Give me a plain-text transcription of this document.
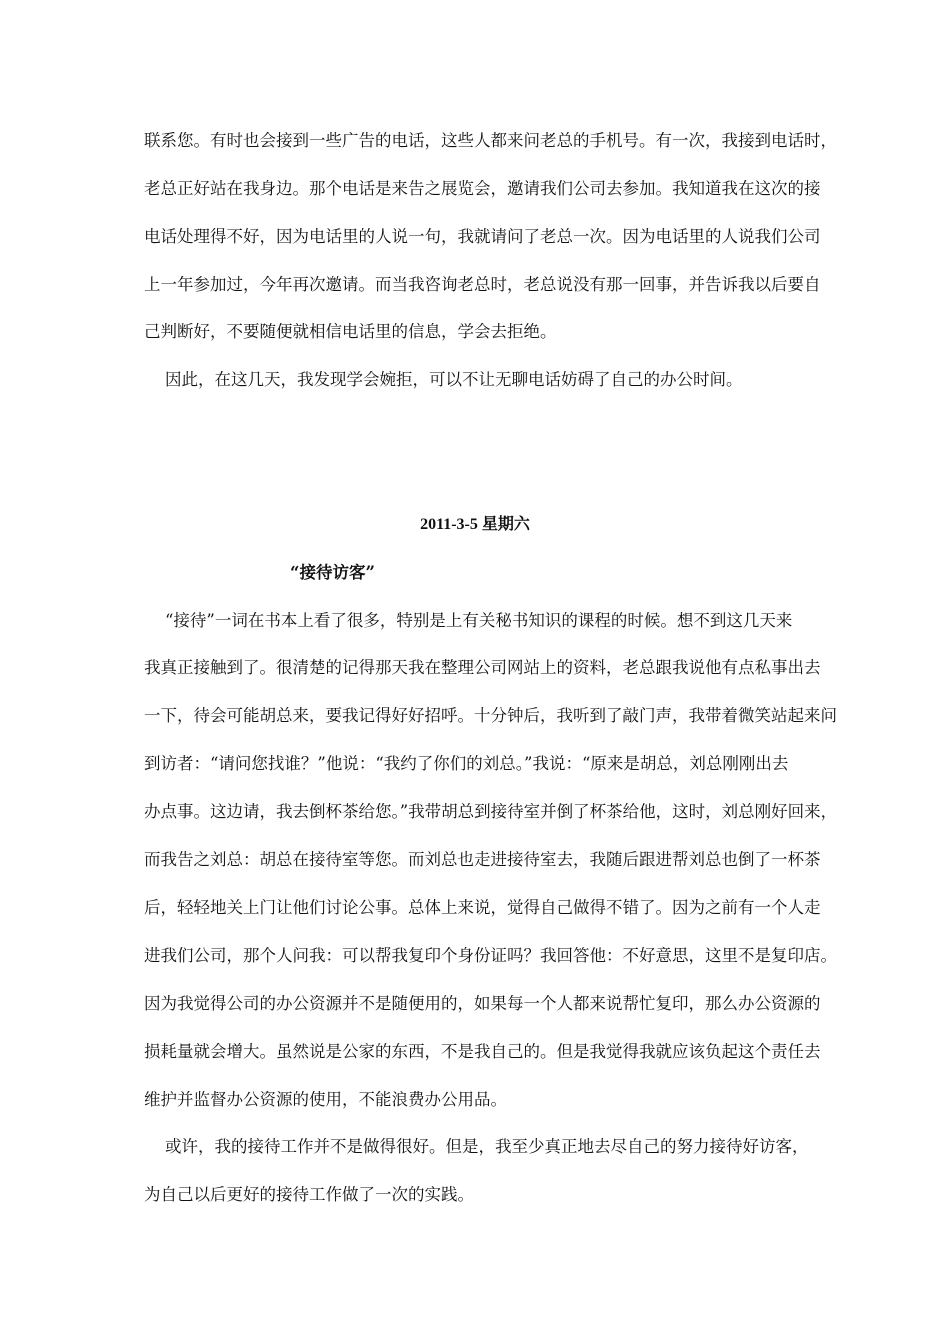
联系您。有时也会接到一些广告的电话，这些人都来问老总的手机号。有一次，我接到电话时，
老总正好站在我身边。那个电话是来告之展览会，邀请我们公司去参加。我知道我在这次的接
电话处理得不好，因为电话里的人说一句，我就请问了老总一次。因为电话里的人说我们公司
上一年参加过，今年再次邀请。而当我咨询老总时，老总说没有那一回事，并告诉我以后要自
己判断好，不要随便就相信电话里的信息，学会去拒绝。
因此，在这几天，我发现学会婉拒，可以不让无聊电话妨碍了自己的办公时间。
2011-3-5 星期六
“接待访客”
“接待”一词在书本上看了很多，特别是上有关秘书知识的课程的时候。想不到这几天来
我真正接触到了。很清楚的记得那天我在整理公司网站上的资料，老总跟我说他有点私事出去
一下，待会可能胡总来，要我记得好好招呼。十分钟后，我听到了敲门声，我带着微笑站起来问
到访者：“请问您找谁？”他说：“我约了你们的刘总。”我说：“原来是胡总，刘总刚刚出去
办点事。这边请，我去倒杯茶给您。”我带胡总到接待室并倒了杯茶给他，这时，刘总刚好回来，
而我告之刘总：胡总在接待室等您。而刘总也走进接待室去，我随后跟进帮刘总也倒了一杯茶
后，轻轻地关上门让他们讨论公事。总体上来说，觉得自己做得不错了。因为之前有一个人走
进我们公司，那个人问我：可以帮我复印个身份证吗？我回答他：不好意思，这里不是复印店。
因为我觉得公司的办公资源并不是随便用的，如果每一个人都来说帮忙复印，那么办公资源的
损耗量就会增大。虽然说是公家的东西，不是我自己的。但是我觉得我就应该负起这个责任去
维护并监督办公资源的使用，不能浪费办公用品。
或许，我的接待工作并不是做得很好。但是，我至少真正地去尽自己的努力接待好访客，
为自己以后更好的接待工作做了一次的实践。
